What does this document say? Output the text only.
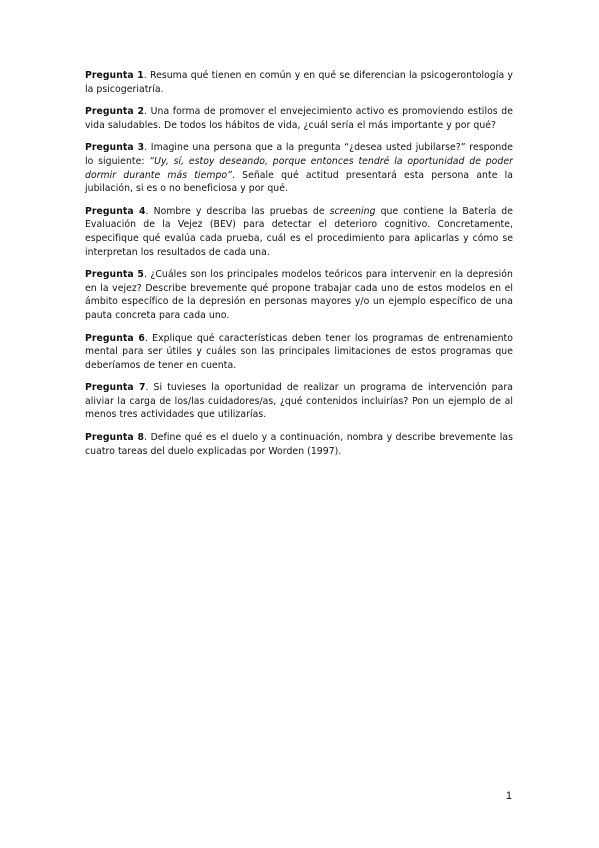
Pregunta 1. Resuma qué tienen en común y en qué se diferencian la psicogerontología y la psicogeriatría.

Pregunta 2. Una forma de promover el envejecimiento activo es promoviendo estilos de vida saludables. De todos los hábitos de vida, ¿cuál sería el más importante y por qué?

Pregunta 3. Imagine una persona que a la pregunta “¿desea usted jubilarse?” responde lo siguiente: “Uy, sí, estoy deseando, porque entonces tendré la oportunidad de poder dormir durante más tiempo”. Señale qué actitud presentará esta persona ante la jubilación, si es o no beneficiosa y por qué.

Pregunta 4. Nombre y describa las pruebas de screening que contiene la Batería de Evaluación de la Vejez (BEV) para detectar el deterioro cognitivo. Concretamente, especifique qué evalúa cada prueba, cuál es el procedimiento para aplicarlas y cómo se interpretan los resultados de cada una.

Pregunta 5. ¿Cuáles son los principales modelos teóricos para intervenir en la depresión en la vejez? Describe brevemente qué propone trabajar cada uno de estos modelos en el ámbito específico de la depresión en personas mayores y/o un ejemplo específico de una pauta concreta para cada uno.

Pregunta 6. Explique qué características deben tener los programas de entrenamiento mental para ser útiles y cuáles son las principales limitaciones de estos programas que deberíamos de tener en cuenta.

Pregunta 7. Si tuvieses la oportunidad de realizar un programa de intervención para aliviar la carga de los/las cuidadores/as, ¿qué contenidos incluirías? Pon un ejemplo de al menos tres actividades que utilizarías.

Pregunta 8. Define qué es el duelo y a continuación, nombra y describe brevemente las cuatro tareas del duelo explicadas por Worden (1997).

1
